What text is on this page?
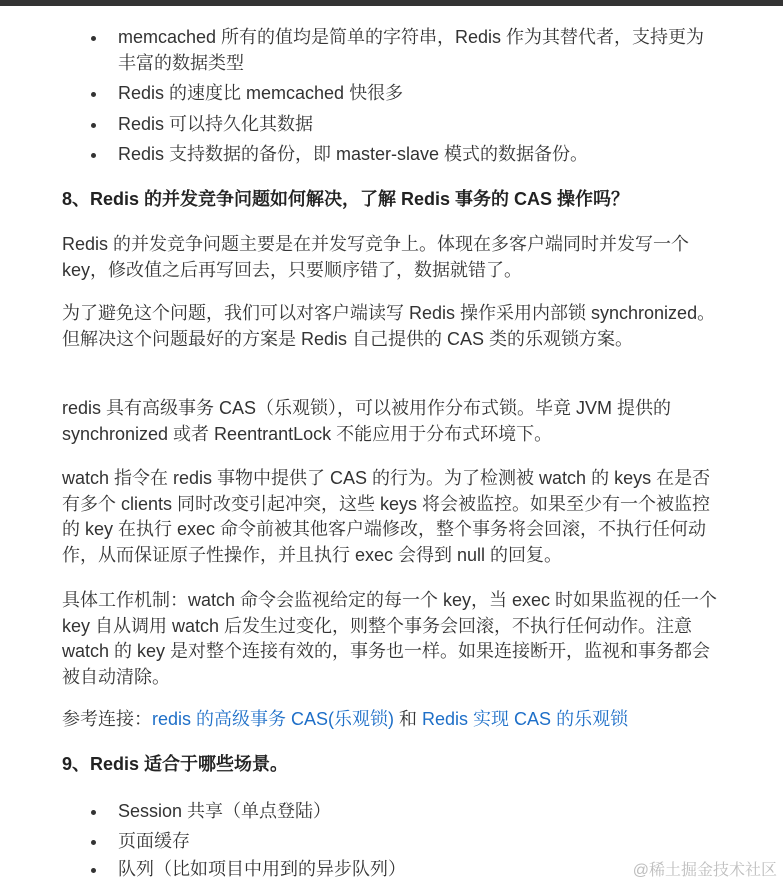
memcached 所有的值均是简单的字符串，Redis 作为其替代者，支持更为丰富的数据类型
Redis 的速度比 memcached 快很多
Redis 可以持久化其数据
Redis 支持数据的备份，即 master-slave 模式的数据备份。
8、Redis 的并发竞争问题如何解决，了解 Redis 事务的 CAS 操作吗？

Redis 的并发竞争问题主要是在并发写竞争上。体现在多客户端同时并发写一个 key，修改值之后再写回去，只要顺序错了，数据就错了。

为了避免这个问题，我们可以对客户端读写 Redis 操作采用内部锁 synchronized。但解决这个问题最好的方案是 Redis 自己提供的 CAS 类的乐观锁方案。

redis 具有高级事务 CAS（乐观锁），可以被用作分布式锁。毕竟 JVM 提供的 synchronized 或者 ReentrantLock 不能应用于分布式环境下。

watch 指令在 redis 事物中提供了 CAS 的行为。为了检测被 watch 的 keys 在是否有多个 clients 同时改变引起冲突，这些 keys 将会被监控。如果至少有一个被监控的 key 在执行 exec 命令前被其他客户端修改，整个事务将会回滚，不执行任何动作，从而保证原子性操作，并且执行 exec 会得到 null 的回复。

具体工作机制：watch 命令会监视给定的每一个 key，当 exec 时如果监视的任一个 key 自从调用 watch 后发生过变化，则整个事务会回滚，不执行任何动作。注意 watch 的 key 是对整个连接有效的，事务也一样。如果连接断开，监视和事务都会被自动清除。

参考连接：redis 的高级事务 CAS(乐观锁) 和 Redis 实现 CAS 的乐观锁

9、Redis 适合于哪些场景。
Session 共享（单点登陆）
页面缓存
队列（比如项目中用到的异步队列）	@稀土掘金技术社区
